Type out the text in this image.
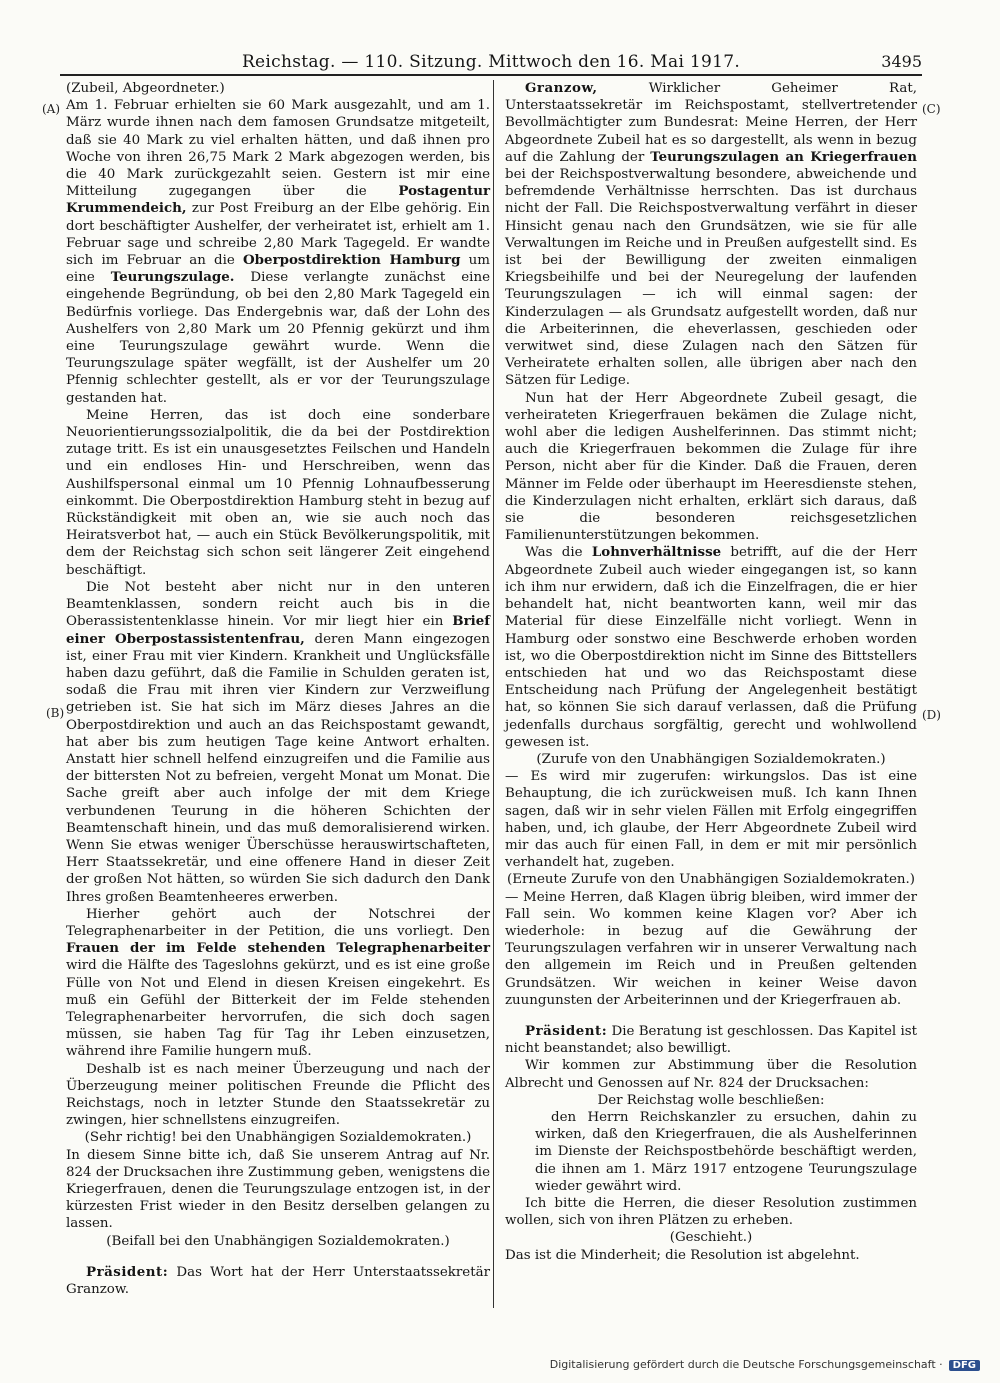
Reichstag. — 110. Sitzung. Mittwoch den 16. Mai 1917.	3495
(A)
(B)
(C)
(D)

(Zubeil, Abgeordneter.)

Am 1. Februar erhielten sie 60 Mark ausgezahlt, und am 1. März wurde ihnen nach dem famosen Grundsatze mitgeteilt, daß sie 40 Mark zu viel erhalten hätten, und daß ihnen pro Woche von ihren 26,75 Mark 2 Mark abgezogen werden, bis die 40 Mark zurückgezahlt seien. Gestern ist mir eine Mitteilung zugegangen über die Postagentur Krummendeich, zur Post Freiburg an der Elbe gehörig. Ein dort beschäftigter Aushelfer, der verheiratet ist, erhielt am 1. Februar sage und schreibe 2,80 Mark Tagegeld. Er wandte sich im Februar an die Oberpostdirektion Hamburg um eine Teurungszulage. Diese verlangte zunächst eine eingehende Begründung, ob bei den 2,80 Mark Tagegeld ein Bedürfnis vorliege. Das Endergebnis war, daß der Lohn des Aushelfers von 2,80 Mark um 20 Pfennig gekürzt und ihm eine Teurungszulage gewährt wurde. Wenn die Teurungszulage später wegfällt, ist der Aushelfer um 20 Pfennig schlechter gestellt, als er vor der Teurungszulage gestanden hat.

Meine Herren, das ist doch eine sonderbare Neuorientierungssozialpolitik, die da bei der Postdirektion zutage tritt. Es ist ein unausgesetztes Feilschen und Handeln und ein endloses Hin- und Herschreiben, wenn das Aushilfspersonal einmal um 10 Pfennig Lohnaufbesserung einkommt. Die Oberpostdirektion Hamburg steht in bezug auf Rückständigkeit mit oben an, wie sie auch noch das Heiratsverbot hat, — auch ein Stück Bevölkerungspolitik, mit dem der Reichstag sich schon seit längerer Zeit eingehend beschäftigt.

Die Not besteht aber nicht nur in den unteren Beamtenklassen, sondern reicht auch bis in die Oberassistentenklasse hinein. Vor mir liegt hier ein Brief einer Oberpostassistentenfrau, deren Mann eingezogen ist, einer Frau mit vier Kindern. Krankheit und Unglücksfälle haben dazu geführt, daß die Familie in Schulden geraten ist, sodaß die Frau mit ihren vier Kindern zur Verzweiflung getrieben ist. Sie hat sich im März dieses Jahres an die Oberpostdirektion und auch an das Reichspostamt gewandt, hat aber bis zum heutigen Tage keine Antwort erhalten. Anstatt hier schnell helfend einzugreifen und die Familie aus der bittersten Not zu befreien, vergeht Monat um Monat. Die Sache greift aber auch infolge der mit dem Kriege verbundenen Teurung in die höheren Schichten der Beamtenschaft hinein, und das muß demoralisierend wirken. Wenn Sie etwas weniger Überschüsse herauswirtschafteten, Herr Staatssekretär, und eine offenere Hand in dieser Zeit der großen Not hätten, so würden Sie sich dadurch den Dank Ihres großen Beamtenheeres erwerben.

Hierher gehört auch der Notschrei der Telegraphenarbeiter in der Petition, die uns vorliegt. Den Frauen der im Felde stehenden Telegraphenarbeiter wird die Hälfte des Tageslohns gekürzt, und es ist eine große Fülle von Not und Elend in diesen Kreisen eingekehrt. Es muß ein Gefühl der Bitterkeit der im Felde stehenden Telegraphenarbeiter hervorrufen, die sich doch sagen müssen, sie haben Tag für Tag ihr Leben einzusetzen, während ihre Familie hungern muß.

Deshalb ist es nach meiner Überzeugung und nach der Überzeugung meiner politischen Freunde die Pflicht des Reichstags, noch in letzter Stunde den Staatssekretär zu zwingen, hier schnellstens einzugreifen.

(Sehr richtig! bei den Unabhängigen Sozialdemokraten.)

In diesem Sinne bitte ich, daß Sie unserem Antrag auf Nr. 824 der Drucksachen ihre Zustimmung geben, wenigstens die Kriegerfrauen, denen die Teurungszulage entzogen ist, in der kürzesten Frist wieder in den Besitz derselben gelangen zu lassen.

(Beifall bei den Unabhängigen Sozialdemokraten.)

Präsident: Das Wort hat der Herr Unterstaatssekretär Granzow.

Granzow, Wirklicher Geheimer Rat, Unterstaatssekretär im Reichspostamt, stellvertretender Bevollmächtigter zum Bundesrat: Meine Herren, der Herr Abgeordnete Zubeil hat es so dargestellt, als wenn in bezug auf die Zahlung der Teurungszulagen an Kriegerfrauen bei der Reichspostverwaltung besondere, abweichende und befremdende Verhältnisse herrschten. Das ist durchaus nicht der Fall. Die Reichspostverwaltung verfährt in dieser Hinsicht genau nach den Grundsätzen, wie sie für alle Verwaltungen im Reiche und in Preußen aufgestellt sind. Es ist bei der Bewilligung der zweiten einmaligen Kriegsbeihilfe und bei der Neuregelung der laufenden Teurungszulagen — ich will einmal sagen: der Kinderzulagen — als Grundsatz aufgestellt worden, daß nur die Arbeiterinnen, die eheverlassen, geschieden oder verwitwet sind, diese Zulagen nach den Sätzen für Verheiratete erhalten sollen, alle übrigen aber nach den Sätzen für Ledige.

Nun hat der Herr Abgeordnete Zubeil gesagt, die verheirateten Kriegerfrauen bekämen die Zulage nicht, wohl aber die ledigen Aushelferinnen. Das stimmt nicht; auch die Kriegerfrauen bekommen die Zulage für ihre Person, nicht aber für die Kinder. Daß die Frauen, deren Männer im Felde oder überhaupt im Heeresdienste stehen, die Kinderzulagen nicht erhalten, erklärt sich daraus, daß sie die besonderen reichsgesetzlichen Familienunterstützungen bekommen.

Was die Lohnverhältnisse betrifft, auf die der Herr Abgeordnete Zubeil auch wieder eingegangen ist, so kann ich ihm nur erwidern, daß ich die Einzelfragen, die er hier behandelt hat, nicht beantworten kann, weil mir das Material für diese Einzelfälle nicht vorliegt. Wenn in Hamburg oder sonstwo eine Beschwerde erhoben worden ist, wo die Oberpostdirektion nicht im Sinne des Bittstellers entschieden hat und wo das Reichspostamt diese Entscheidung nach Prüfung der Angelegenheit bestätigt hat, so können Sie sich darauf verlassen, daß die Prüfung jedenfalls durchaus sorgfältig, gerecht und wohlwollend gewesen ist.

(Zurufe von den Unabhängigen Sozialdemokraten.)

— Es wird mir zugerufen: wirkungslos. Das ist eine Behauptung, die ich zurückweisen muß. Ich kann Ihnen sagen, daß wir in sehr vielen Fällen mit Erfolg eingegriffen haben, und, ich glaube, der Herr Abgeordnete Zubeil wird mir das auch für einen Fall, in dem er mit mir persönlich verhandelt hat, zugeben.

(Erneute Zurufe von den Unabhängigen Sozialdemokraten.)

— Meine Herren, daß Klagen übrig bleiben, wird immer der Fall sein. Wo kommen keine Klagen vor? Aber ich wiederhole: in bezug auf die Gewährung der Teurungszulagen verfahren wir in unserer Verwaltung nach den allgemein im Reich und in Preußen geltenden Grundsätzen. Wir weichen in keiner Weise davon zuungunsten der Arbeiterinnen und der Kriegerfrauen ab.

Präsident: Die Beratung ist geschlossen. Das Kapitel ist nicht beanstandet; also bewilligt.

Wir kommen zur Abstimmung über die Resolution Albrecht und Genossen auf Nr. 824 der Drucksachen:

Der Reichstag wolle beschließen:

den Herrn Reichskanzler zu ersuchen, dahin zu wirken, daß den Kriegerfrauen, die als Aushelferinnen im Dienste der Reichspostbehörde beschäftigt werden, die ihnen am 1. März 1917 entzogene Teurungszulage wieder gewährt wird.

Ich bitte die Herren, die dieser Resolution zustimmen wollen, sich von ihren Plätzen zu erheben.

(Geschieht.)

Das ist die Minderheit; die Resolution ist abgelehnt.

Digitalisierung gefördert durch die Deutsche Forschungsgemeinschaft · DFG
